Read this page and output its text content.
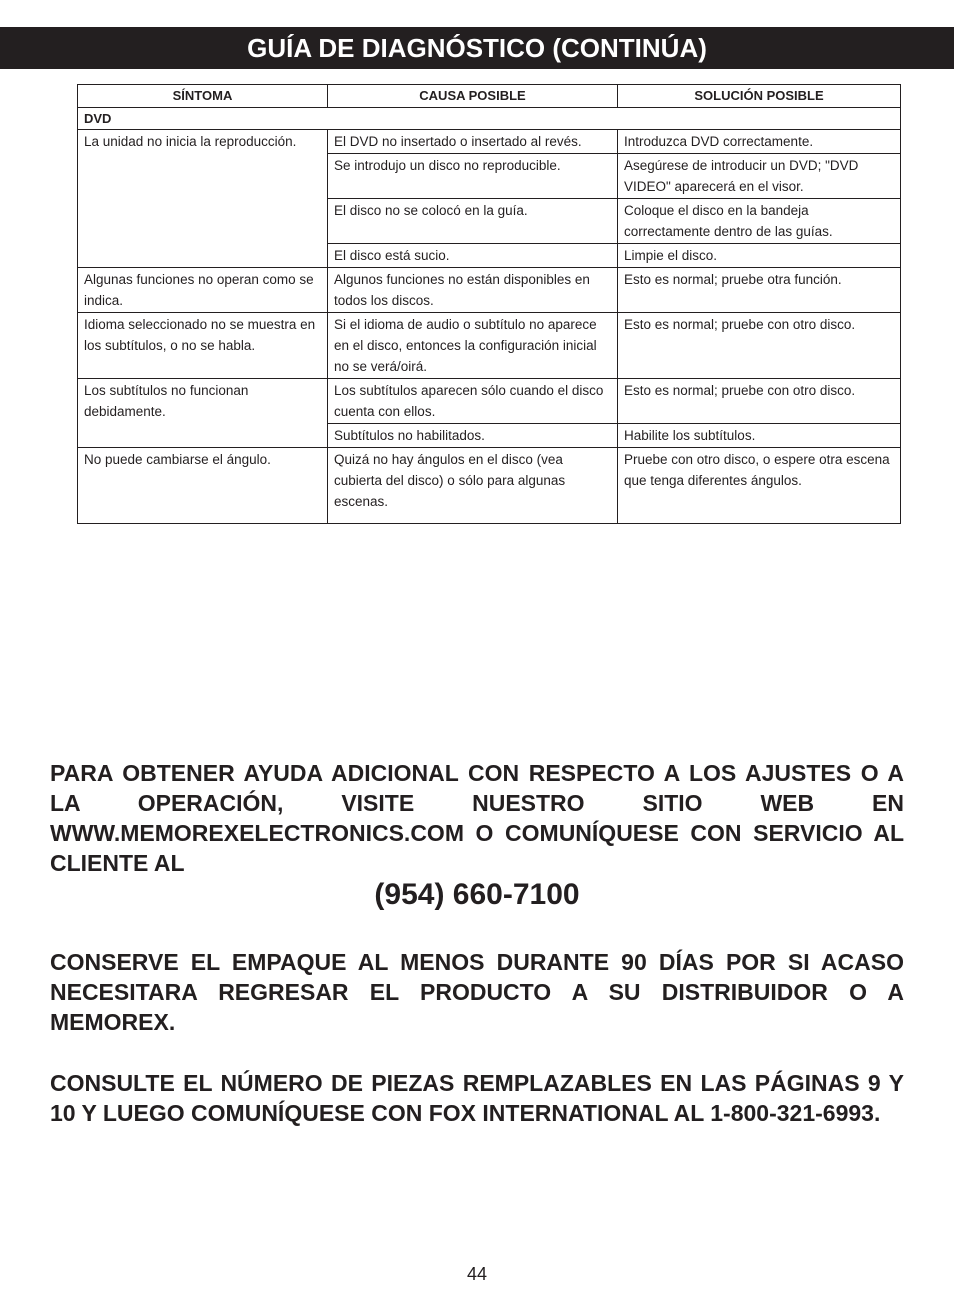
GUÍA DE DIAGNÓSTICO (CONTINÚA)
SÍNTOMA	CAUSA POSIBLE	SOLUCIÓN POSIBLE
DVD		
La unidad no inicia la reproducción.	El DVD no insertado o insertado al revés.	Introduzca DVD correctamente.
	Se introdujo un disco no reproducible.	Asegúrese de introducir un DVD; "DVD VIDEO" aparecerá en el visor.
	El disco no se colocó en la guía.	Coloque el disco en la bandeja correctamente dentro de las guías.
	El disco está sucio.	Limpie el disco.
Algunas funciones no operan como se indica.	Algunos funciones no están disponibles en todos los discos.	Esto es normal; pruebe otra función.
Idioma seleccionado no se muestra en los subtítulos, o no se habla.	Si el idioma de audio o subtítulo no aparece en el disco, entonces la configuración inicial no se verá/oirá.	Esto es normal; pruebe con otro disco.
Los subtítulos no funcionan debidamente.	Los subtítulos aparecen sólo cuando el disco cuenta con ellos.	Esto es normal; pruebe con otro disco.
	Subtítulos no habilitados.	Habilite los subtítulos.
No puede cambiarse el ángulo.	Quizá no hay ángulos en el disco (vea cubierta del disco) o sólo para algunas escenas.	Pruebe con otro disco, o espere otra escena que tenga diferentes ángulos.

PARA OBTENER AYUDA ADICIONAL CON RESPECTO A LOS AJUSTES O A LA OPERACIÓN, VISITE NUESTRO SITIO WEB EN WWW.MEMOREXELECTRONICS.COM O COMUNÍQUESE CON SERVICIO AL CLIENTE AL

(954) 660-7100

CONSERVE EL EMPAQUE AL MENOS DURANTE 90 DÍAS POR SI ACASO NECESITARA REGRESAR EL PRODUCTO A SU DISTRIBUIDOR O A MEMOREX.

CONSULTE EL NÚMERO DE PIEZAS REMPLAZABLES EN LAS PÁGINAS 9 Y 10 Y LUEGO COMUNÍQUESE CON FOX INTERNATIONAL AL 1-800-321-6993.

44
